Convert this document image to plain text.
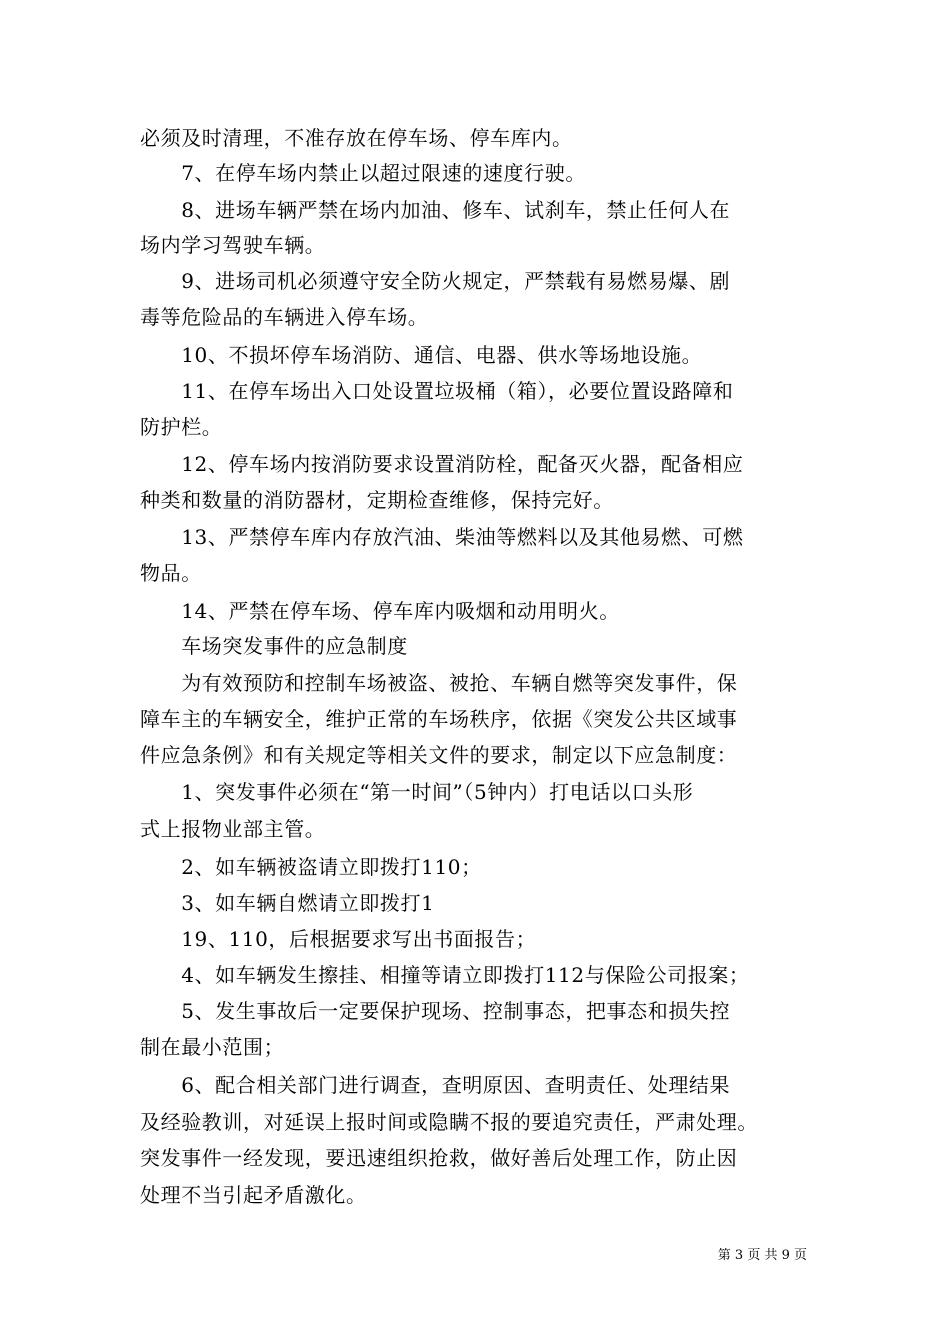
必须及时清理，不准存放在停车场、停车库内。
　　7、在停车场内禁止以超过限速的速度行驶。
　　8、进场车辆严禁在场内加油、修车、试刹车，禁止任何人在
场内学习驾驶车辆。
　　9、进场司机必须遵守安全防火规定，严禁载有易燃易爆、剧
毒等危险品的车辆进入停车场。
　　10、不损坏停车场消防、通信、电器、供水等场地设施。
　　11、在停车场出入口处设置垃圾桶（箱），必要位置设路障和
防护栏。
　　12、停车场内按消防要求设置消防栓，配备灭火器，配备相应
种类和数量的消防器材，定期检查维修，保持完好。
　　13、严禁停车库内存放汽油、柴油等燃料以及其他易燃、可燃
物品。
　　14、严禁在停车场、停车库内吸烟和动用明火。
　　车场突发事件的应急制度
　　为有效预防和控制车场被盗、被抢、车辆自燃等突发事件，保
障车主的车辆安全，维护正常的车场秩序，依据《突发公共区域事
件应急条例》和有关规定等相关文件的要求，制定以下应急制度：
　　1、突发事件必须在“第一时间”（5钟内）打电话以口头形
式上报物业部主管。
　　2、如车辆被盗请立即拨打110；
　　3、如车辆自燃请立即拨打1
　　19、110，后根据要求写出书面报告；
　　4、如车辆发生擦挂、相撞等请立即拨打112与保险公司报案；
　　5、发生事故后一定要保护现场、控制事态，把事态和损失控
制在最小范围；
　　6、配合相关部门进行调查，查明原因、查明责任、处理结果
及经验教训，对延误上报时间或隐瞒不报的要追究责任，严肃处理。
突发事件一经发现，要迅速组织抢救，做好善后处理工作，防止因
处理不当引起矛盾激化。
第 3 页 共 9 页
